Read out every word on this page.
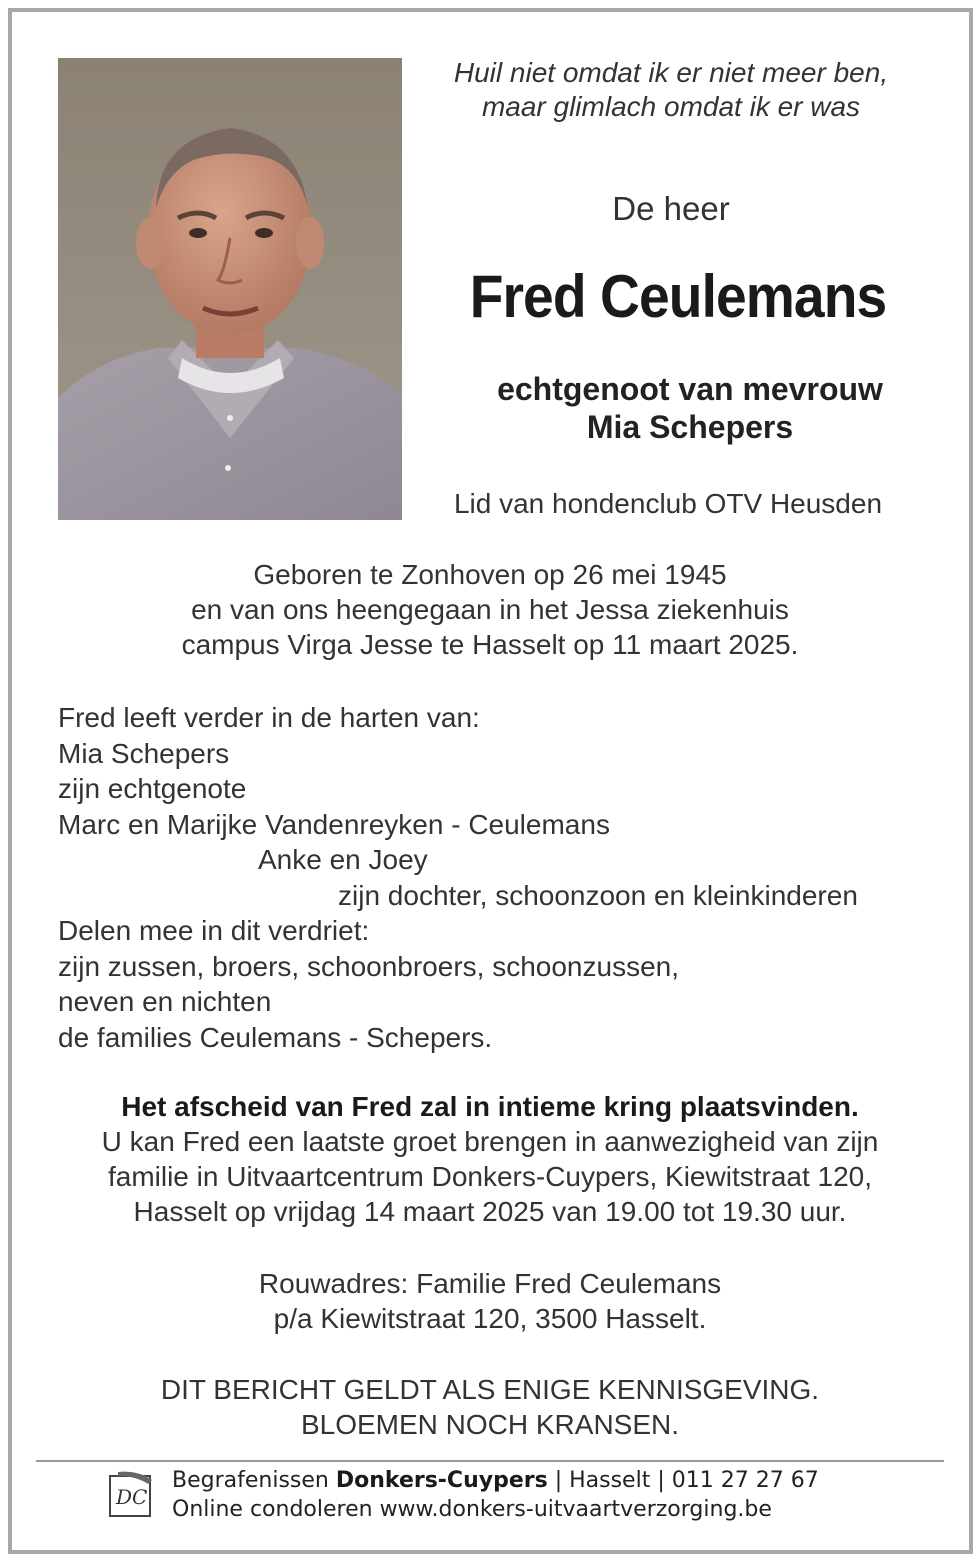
Huil niet omdat ik er niet meer ben,
maar glimlach omdat ik er was
De heer
Fred Ceulemans
echtgenoot van mevrouw
Mia Schepers
Lid van hondenclub OTV Heusden
Geboren te Zonhoven op 26 mei 1945
en van ons heengegaan in het Jessa ziekenhuis
campus Virga Jesse te Hasselt op 11 maart 2025.
Fred leeft verder in de harten van:
Mia Schepers
zijn echtgenote
Marc en Marijke Vandenreyken - Ceulemans
Anke en Joey
zijn dochter, schoonzoon en kleinkinderen
Delen mee in dit verdriet:
zijn zussen, broers, schoonbroers, schoonzussen,
neven en nichten
de families Ceulemans - Schepers.
Het afscheid van Fred zal in intieme kring plaatsvinden.
U kan Fred een laatste groet brengen in aanwezigheid van zijn
familie in Uitvaartcentrum Donkers-Cuypers, Kiewitstraat 120,
Hasselt op vrijdag 14 maart 2025 van 19.00 tot 19.30 uur.
Rouwadres: Familie Fred Ceulemans
p/a Kiewitstraat 120, 3500 Hasselt.
DIT BERICHT GELDT ALS ENIGE KENNISGEVING.
BLOEMEN NOCH KRANSEN.
DC
Begrafenissen Donkers-Cuypers | Hasselt | 011 27 27 67
Online condoleren www.donkers-uitvaartverzorging.be
